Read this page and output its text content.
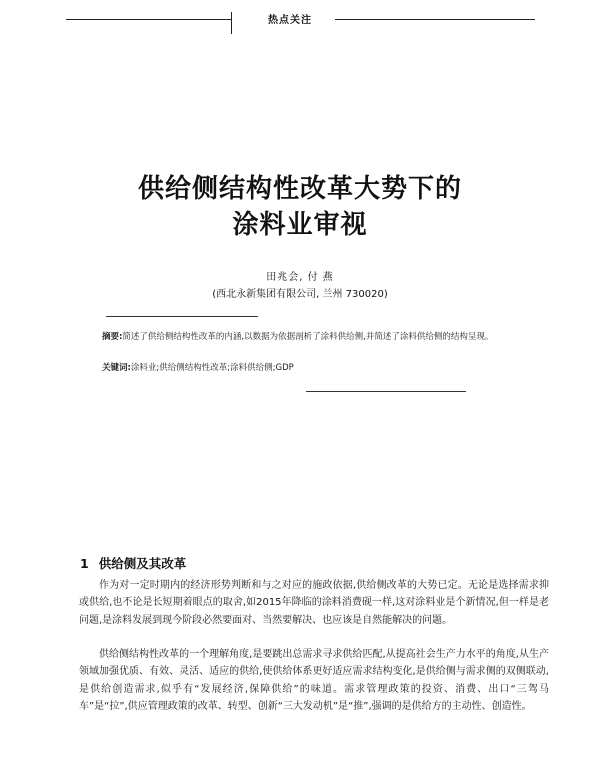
热点关注
供给侧结构性改革大势下的
涂料业审视
田兆会, 付 燕
(西北永新集团有限公司, 兰州 730020)
摘要:简述了供给侧结构性改革的内涵,以数据为依据剖析了涂料供给侧,并简述了涂料供给侧的结构呈现。
关键词:涂料业;供给侧结构性改革;涂料供给侧;GDP
1 供给侧及其改革
作为对一定时期内的经济形势判断和与之对应的施政依据,供给侧改革的大势已定。无论是选择需求抑或供给,也不论是长短期着眼点的取舍,如2015年降临的涂料消费砚一样,这对涂料业是个新情况,但一样是老问题,是涂料发展到现今阶段必然要面对、当然要解决、也应该是自然能解决的问题。
供给侧结构性改革的一个理解角度,是要跳出总需求寻求供给匹配,从提高社会生产力水平的角度,从生产领域加强优质、有效、灵活、适应的供给,使供给体系更好适应需求结构变化,是供给侧与需求侧的双侧联动,是供给创造需求,似乎有“发展经济,保障供给”的味道。需求管理政策的投资、消费、出口“三驾马车”是“拉”,供应管理政策的改革、转型、创新“三大发动机”是“推”,强调的是供给方的主动性、创造性。
